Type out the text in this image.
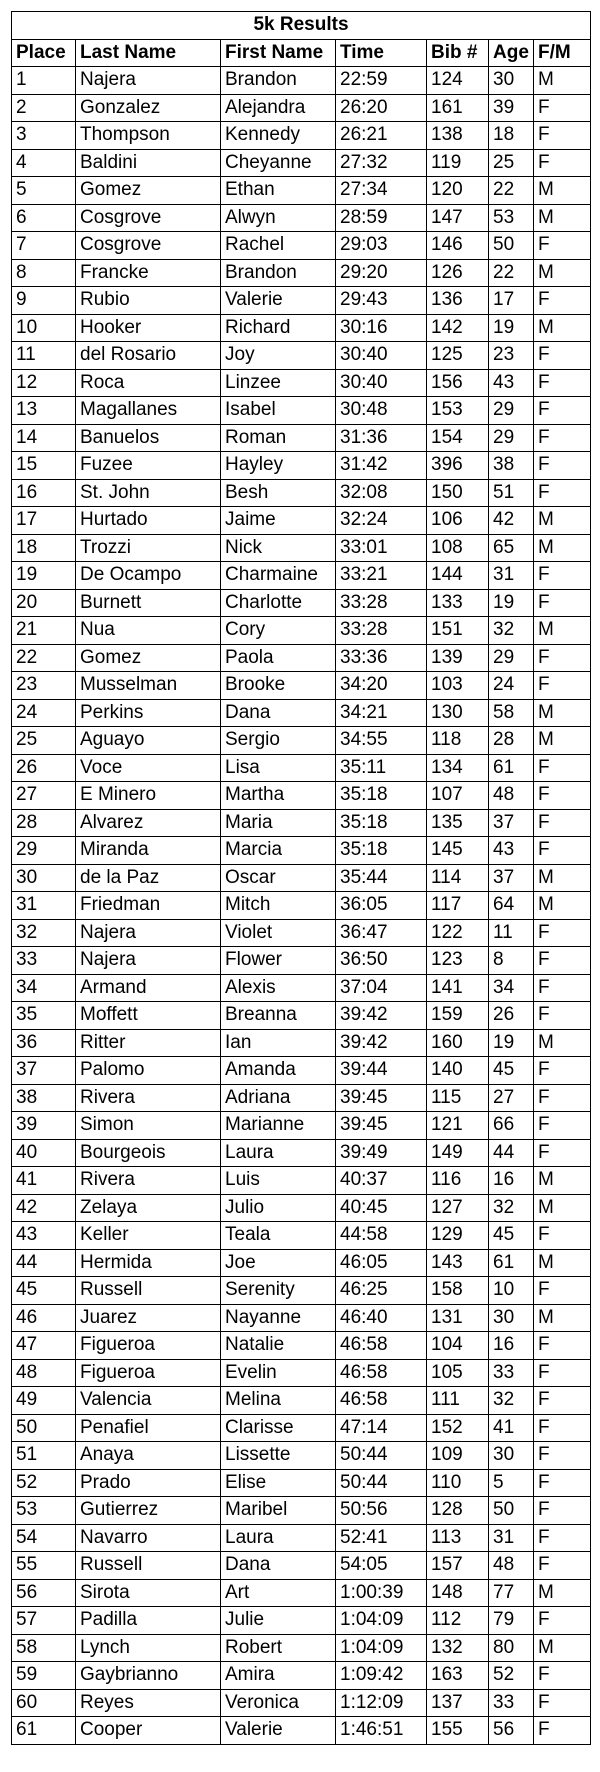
5k Results						
Place	Last Name	First Name	Time	Bib #	Age	F/M
1	Najera	Brandon	22:59	124	30	M
2	Gonzalez	Alejandra	26:20	161	39	F
3	Thompson	Kennedy	26:21	138	18	F
4	Baldini	Cheyanne	27:32	119	25	F
5	Gomez	Ethan	27:34	120	22	M
6	Cosgrove	Alwyn	28:59	147	53	M
7	Cosgrove	Rachel	29:03	146	50	F
8	Francke	Brandon	29:20	126	22	M
9	Rubio	Valerie	29:43	136	17	F
10	Hooker	Richard	30:16	142	19	M
11	del Rosario	Joy	30:40	125	23	F
12	Roca	Linzee	30:40	156	43	F
13	Magallanes	Isabel	30:48	153	29	F
14	Banuelos	Roman	31:36	154	29	F
15	Fuzee	Hayley	31:42	396	38	F
16	St. John	Besh	32:08	150	51	F
17	Hurtado	Jaime	32:24	106	42	M
18	Trozzi	Nick	33:01	108	65	M
19	De Ocampo	Charmaine	33:21	144	31	F
20	Burnett	Charlotte	33:28	133	19	F
21	Nua	Cory	33:28	151	32	M
22	Gomez	Paola	33:36	139	29	F
23	Musselman	Brooke	34:20	103	24	F
24	Perkins	Dana	34:21	130	58	M
25	Aguayo	Sergio	34:55	118	28	M
26	Voce	Lisa	35:11	134	61	F
27	E Minero	Martha	35:18	107	48	F
28	Alvarez	Maria	35:18	135	37	F
29	Miranda	Marcia	35:18	145	43	F
30	de la Paz	Oscar	35:44	114	37	M
31	Friedman	Mitch	36:05	117	64	M
32	Najera	Violet	36:47	122	11	F
33	Najera	Flower	36:50	123	8	F
34	Armand	Alexis	37:04	141	34	F
35	Moffett	Breanna	39:42	159	26	F
36	Ritter	Ian	39:42	160	19	M
37	Palomo	Amanda	39:44	140	45	F
38	Rivera	Adriana	39:45	115	27	F
39	Simon	Marianne	39:45	121	66	F
40	Bourgeois	Laura	39:49	149	44	F
41	Rivera	Luis	40:37	116	16	M
42	Zelaya	Julio	40:45	127	32	M
43	Keller	Teala	44:58	129	45	F
44	Hermida	Joe	46:05	143	61	M
45	Russell	Serenity	46:25	158	10	F
46	Juarez	Nayanne	46:40	131	30	M
47	Figueroa	Natalie	46:58	104	16	F
48	Figueroa	Evelin	46:58	105	33	F
49	Valencia	Melina	46:58	111	32	F
50	Penafiel	Clarisse	47:14	152	41	F
51	Anaya	Lissette	50:44	109	30	F
52	Prado	Elise	50:44	110	5	F
53	Gutierrez	Maribel	50:56	128	50	F
54	Navarro	Laura	52:41	113	31	F
55	Russell	Dana	54:05	157	48	F
56	Sirota	Art	1:00:39	148	77	M
57	Padilla	Julie	1:04:09	112	79	F
58	Lynch	Robert	1:04:09	132	80	M
59	Gaybrianno	Amira	1:09:42	163	52	F
60	Reyes	Veronica	1:12:09	137	33	F
61	Cooper	Valerie	1:46:51	155	56	F
